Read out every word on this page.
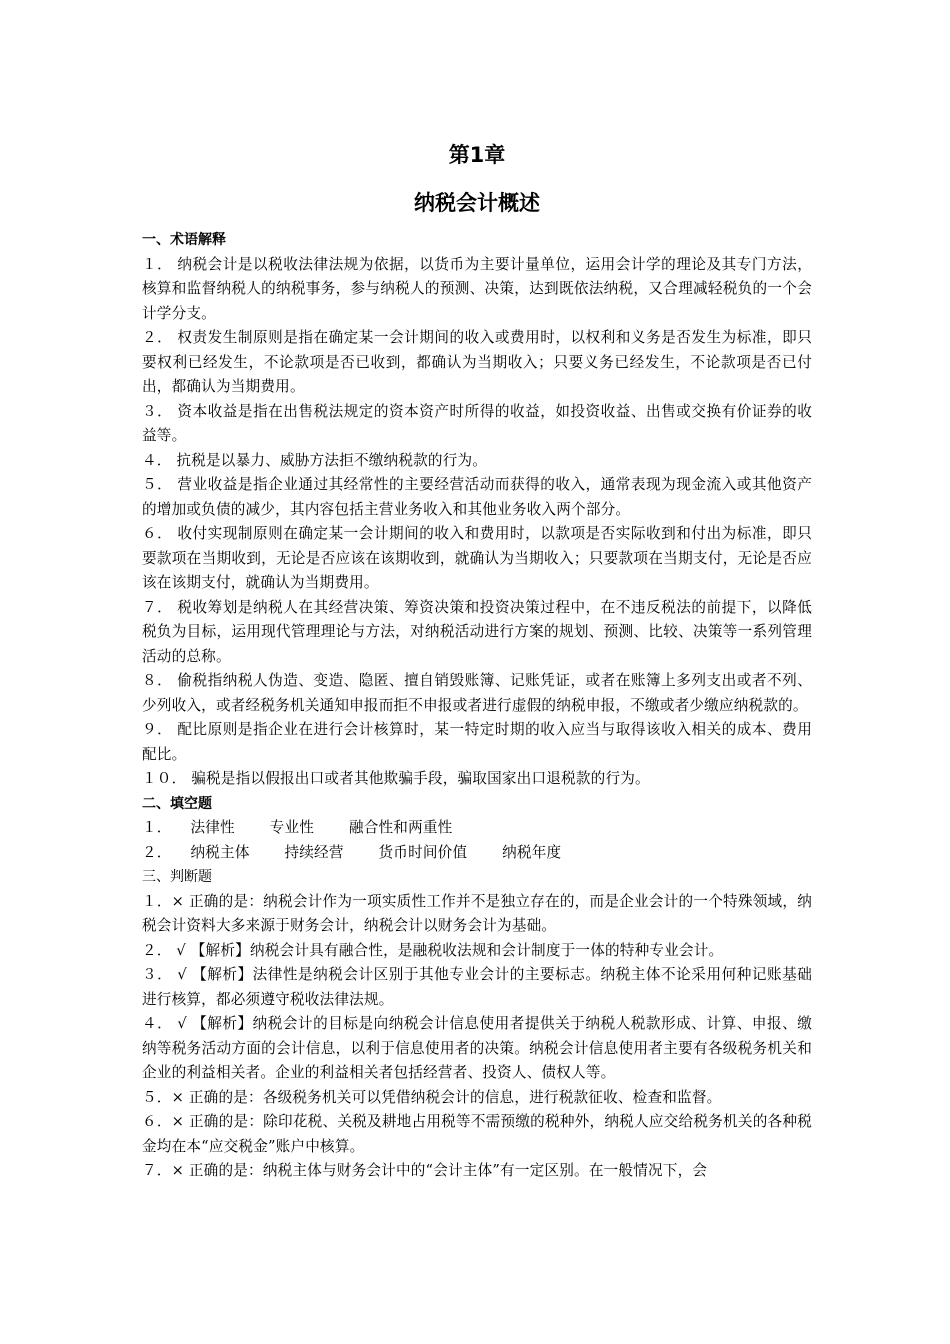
第1章
纳税会计概述
一、术语解释

１． 纳税会计是以税收法律法规为依据，以货币为主要计量单位，运用会计学的理论及其专门方法，核算和监督纳税人的纳税事务，参与纳税人的预测、决策，达到既依法纳税，又合理减轻税负的一个会计学分支。

２． 权责发生制原则是指在确定某一会计期间的收入或费用时，以权利和义务是否发生为标准，即只要权利已经发生，不论款项是否已收到，都确认为当期收入；只要义务已经发生，不论款项是否已付出，都确认为当期费用。

３． 资本收益是指在出售税法规定的资本资产时所得的收益，如投资收益、出售或交换有价证券的收益等。

４． 抗税是以暴力、威胁方法拒不缴纳税款的行为。

５． 营业收益是指企业通过其经常性的主要经营活动而获得的收入，通常表现为现金流入或其他资产的增加或负债的减少，其内容包括主营业务收入和其他业务收入两个部分。

６． 收付实现制原则在确定某一会计期间的收入和费用时，以款项是否实际收到和付出为标准，即只要款项在当期收到，无论是否应该在该期收到，就确认为当期收入；只要款项在当期支付，无论是否应该在该期支付，就确认为当期费用。

７． 税收筹划是纳税人在其经营决策、筹资决策和投资决策过程中，在不违反税法的前提下，以降低税负为目标，运用现代管理理论与方法，对纳税活动进行方案的规划、预测、比较、决策等一系列管理活动的总称。

８． 偷税指纳税人伪造、变造、隐匿、擅自销毁账簿、记账凭证，或者在账簿上多列支出或者不列、少列收入，或者经税务机关通知申报而拒不申报或者进行虚假的纳税申报，不缴或者少缴应纳税款的。

９． 配比原则是指企业在进行会计核算时，某一特定时期的收入应当与取得该收入相关的成本、费用配比。

１０． 骗税是指以假报出口或者其他欺骗手段，骗取国家出口退税款的行为。

二、填空题

１． 法律性 专业性 融合性和两重性

２． 纳税主体 持续经营 货币时间价值 纳税年度

三、判断题

１．× 正确的是：纳税会计作为一项实质性工作并不是独立存在的，而是企业会计的一个特殊领域，纳税会计资料大多来源于财务会计，纳税会计以财务会计为基础。

２． √ 【解析】纳税会计具有融合性，是融税收法规和会计制度于一体的特种专业会计。

３． √ 【解析】法律性是纳税会计区别于其他专业会计的主要标志。纳税主体不论采用何种记账基础进行核算，都必须遵守税收法律法规。

４． √ 【解析】纳税会计的目标是向纳税会计信息使用者提供关于纳税人税款形成、计算、申报、缴纳等税务活动方面的会计信息，以利于信息使用者的决策。纳税会计信息使用者主要有各级税务机关和企业的利益相关者。企业的利益相关者包括经营者、投资人、债权人等。

５．× 正确的是：各级税务机关可以凭借纳税会计的信息，进行税款征收、检查和监督。

６．× 正确的是：除印花税、关税及耕地占用税等不需预缴的税种外，纳税人应交给税务机关的各种税金均在本“应交税金”账户中核算。

７．× 正确的是：纳税主体与财务会计中的“会计主体”有一定区别。在一般情况下，会
